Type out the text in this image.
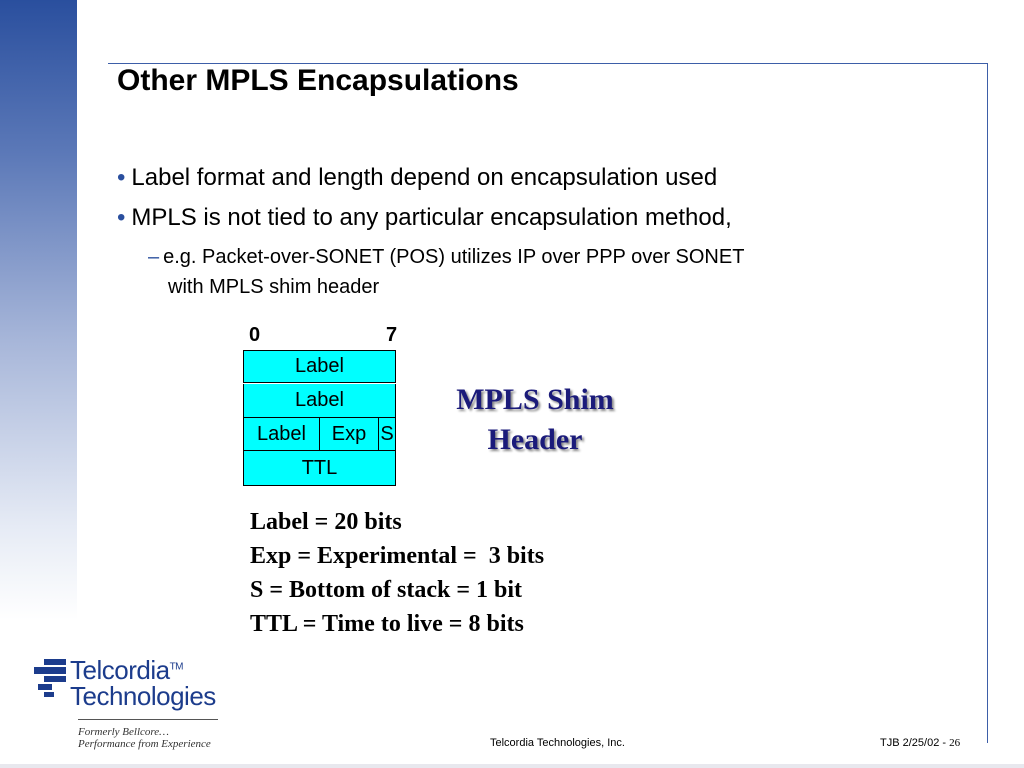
Other MPLS Encapsulations
• Label format and length depend on encapsulation used
• MPLS is not tied to any particular encapsulation method,
– e.g. Packet-over-SONET (POS) utilizes IP over PPP over SONET
with MPLS shim header
0	7
Label
Label
Label	Exp S
TTL
MPLS Shim
Header
Label = 20 bits
Exp = Experimental =  3 bits
S = Bottom of stack = 1 bit
TTL = Time to live = 8 bits
Telcordia™
Technologies
Formerly Bellcore…
Performance from Experience	Telcordia Technologies, Inc.	TJB 2/25/02 - 26
